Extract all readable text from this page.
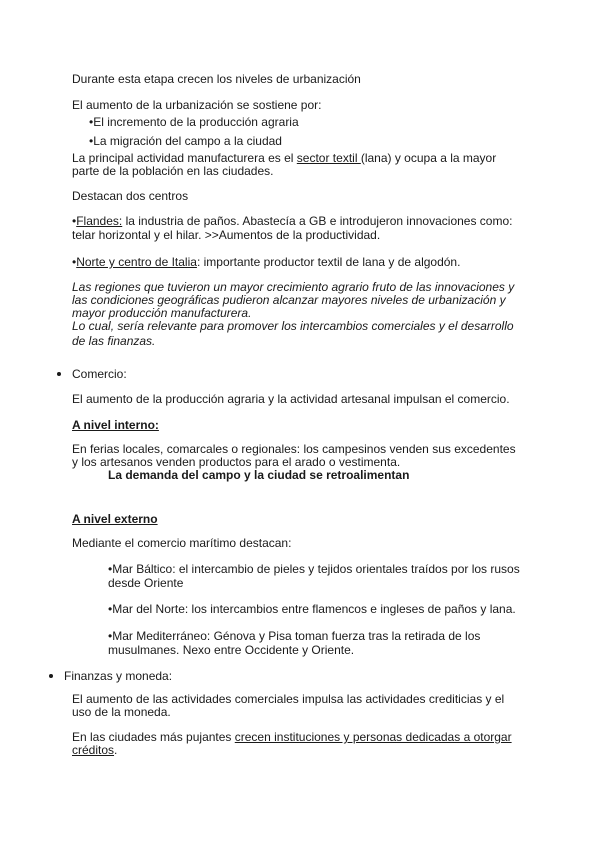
Durante esta etapa crecen los niveles de urbanización
El aumento de la urbanización se sostiene por:
•El incremento de la producción agraria
•La migración del campo a la ciudad
La principal actividad manufacturera es el sector textil (lana) y ocupa a la mayor
parte de la población en las ciudades.
Destacan dos centros
•Flandes: la industria de paños. Abastecía a GB e introdujeron innovaciones como:
telar horizontal y el hilar. >>Aumentos de la productividad.
•Norte y centro de Italia: importante productor textil de lana y de algodón.
Las regiones que tuvieron un mayor crecimiento agrario fruto de las innovaciones y
las condiciones geográficas pudieron alcanzar mayores niveles de urbanización y
mayor producción manufacturera.
Lo cual, sería relevante para promover los intercambios comerciales y el desarrollo
de las finanzas.
Comercio:
El aumento de la producción agraria y la actividad artesanal impulsan el comercio.
A nivel interno:
En ferias locales, comarcales o regionales: los campesinos venden sus excedentes
y los artesanos venden productos para el arado o vestimenta.
La demanda del campo y la ciudad se retroalimentan
A nivel externo
Mediante el comercio marítimo destacan:
•Mar Báltico: el intercambio de pieles y tejidos orientales traídos por los rusos
desde Oriente
•Mar del Norte: los intercambios entre flamencos e ingleses de paños y lana.
•Mar Mediterráneo: Génova y Pisa toman fuerza tras la retirada de los
musulmanes. Nexo entre Occidente y Oriente.
Finanzas y moneda:
El aumento de las actividades comerciales impulsa las actividades crediticias y el
uso de la moneda.
En las ciudades más pujantes crecen instituciones y personas dedicadas a otorgar
créditos.
